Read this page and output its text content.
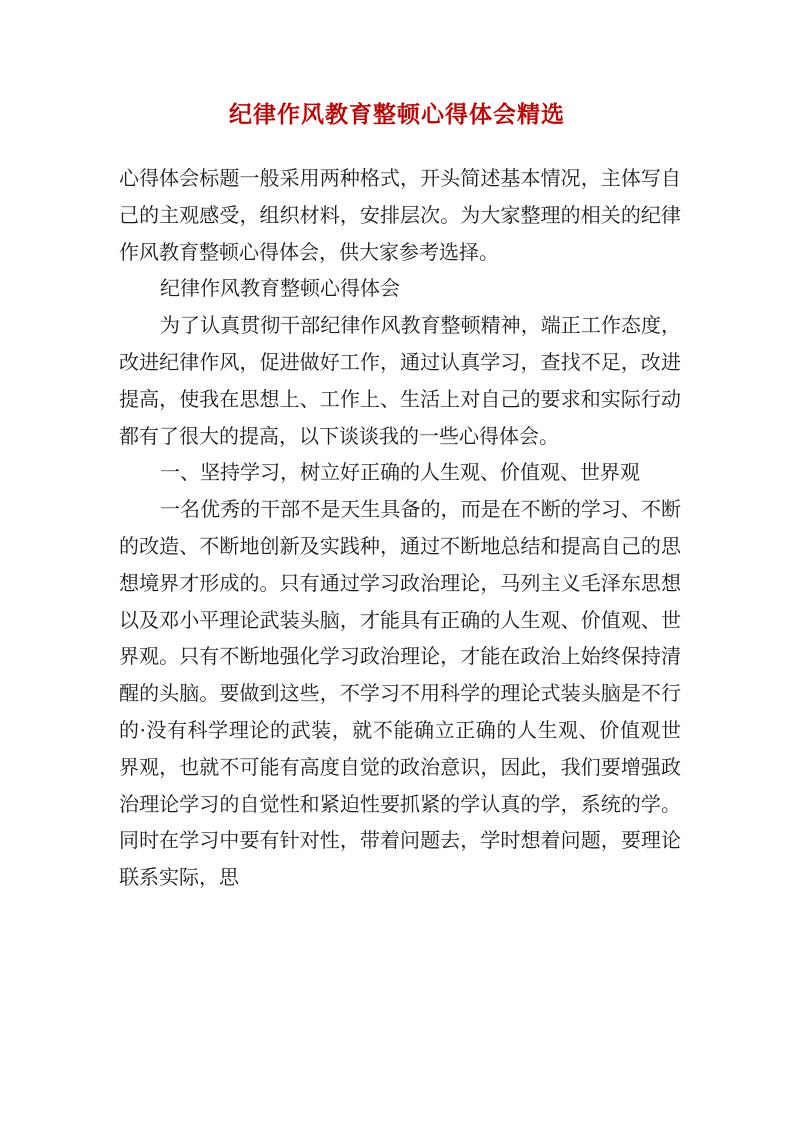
纪律作风教育整顿心得体会精选

心得体会标题一般采用两种格式，开头简述基本情况，主体写自己的主观感受，组织材料，安排层次。为大家整理的相关的纪律作风教育整顿心得体会，供大家参考选择。

纪律作风教育整顿心得体会

为了认真贯彻干部纪律作风教育整顿精神，端正工作态度，改进纪律作风，促进做好工作，通过认真学习，查找不足，改进提高，使我在思想上、工作上、生活上对自己的要求和实际行动都有了很大的提高，以下谈谈我的一些心得体会。

一、坚持学习，树立好正确的人生观、价值观、世界观

一名优秀的干部不是天生具备的，而是在不断的学习、不断的改造、不断地创新及实践种，通过不断地总结和提高自己的思想境界才形成的。只有通过学习政治理论，马列主义毛泽东思想以及邓小平理论武装头脑，才能具有正确的人生观、价值观、世界观。只有不断地强化学习政治理论，才能在政治上始终保持清醒的头脑。要做到这些，不学习不用科学的理论式装头脑是不行的·没有科学理论的武装，就不能确立正确的人生观、价值观世界观，也就不可能有高度自觉的政治意识，因此，我们要增强政治理论学习的自觉性和紧迫性要抓紧的学认真的学，系统的学。同时在学习中要有针对性，带着问题去，学时想着问题，要理论联系实际，思
